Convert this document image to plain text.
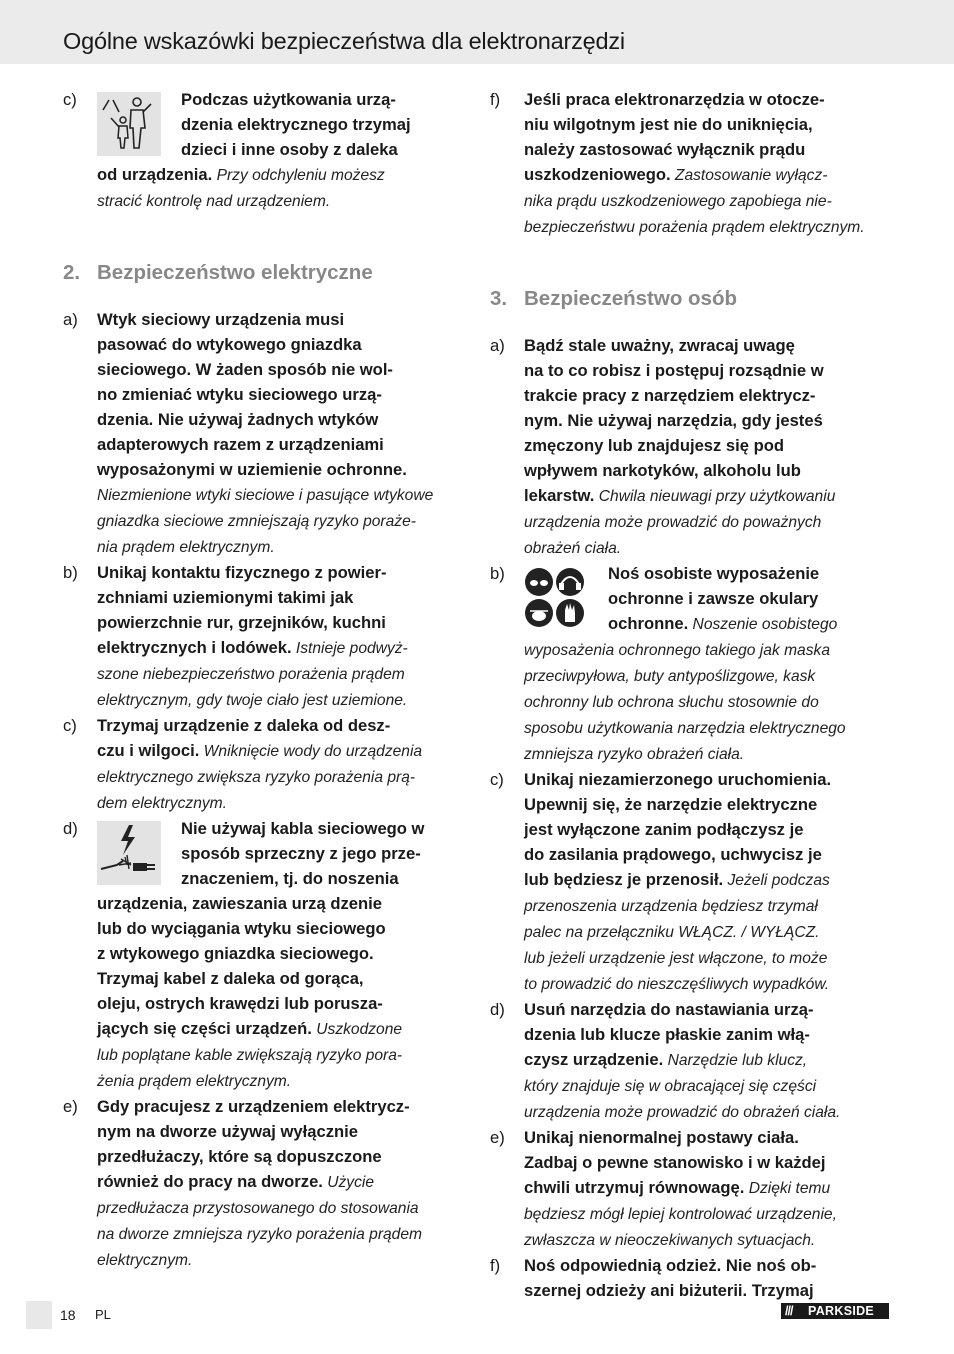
Ogólne wskazówki bezpieczeństwa dla elektronarzędzi
c)	Podczas użytkowania urzą-
dzenia elektrycznego trzymaj
dzieci i inne osoby z daleka
od urządzenia. Przy odchyleniu możesz
stracić kontrolę nad urządzeniem.
2. Bezpieczeństwo elektryczne
a) Wtyk sieciowy urządzenia musi
pasować do wtykowego gniazdka
sieciowego. W żaden sposób nie wol-
no zmieniać wtyku sieciowego urzą-
dzenia. Nie używaj żadnych wtyków
adapterowych razem z urządzeniami
wyposażonymi w uziemienie ochronne.
Niezmienione wtyki sieciowe i pasujące wtykowe
gniazdka sieciowe zmniejszają ryzyko poraże-
nia prądem elektrycznym.
b) Unikaj kontaktu fizycznego z powier-
zchniami uziemionymi takimi jak
powierzchnie rur, grzejników, kuchni
elektrycznych i lodówek. Istnieje podwyż-
szone niebezpieczeństwo porażenia prądem
elektrycznym, gdy twoje ciało jest uziemione.
c) Trzymaj urządzenie z daleka od desz-
czu i wilgoci. Wniknięcie wody do urządzenia
elektrycznego zwiększa ryzyko porażenia prą-
dem elektrycznym.
d)	Nie używaj kabla sieciowego w
sposób sprzeczny z jego prze-
znaczeniem, tj. do noszenia
urządzenia, zawieszania urzą dzenie
lub do wyciągania wtyku sieciowego
z wtykowego gniazdka sieciowego.
Trzymaj kabel z daleka od gorąca,
oleju, ostrych krawędzi lub porusza-
jących się części urządzeń. Uszkodzone
lub poplątane kable zwiększają ryzyko pora-
żenia prądem elektrycznym.
e) Gdy pracujesz z urządzeniem elektrycz-
nym na dworze używaj wyłącznie
przedłużaczy, które są dopuszczone
również do pracy na dworze. Użycie
przedłużacza przystosowanego do stosowania
na dworze zmniejsza ryzyko porażenia prądem
elektrycznym.
f) Jeśli praca elektronarzędzia w otocze-
niu wilgotnym jest nie do uniknięcia,
należy zastosować wyłącznik prądu
uszkodzeniowego. Zastosowanie wyłącz-
nika prądu uszkodzeniowego zapobiega nie-
bezpieczeństwu porażenia prądem elektrycznym.
3. Bezpieczeństwo osób
a) Bądź stale uważny, zwracaj uwagę
na to co robisz i postępuj rozsądnie w
trakcie pracy z narzędziem elektrycz-
nym. Nie używaj narzędzia, gdy jesteś
zmęczony lub znajdujesz się pod
wpływem narkotyków, alkoholu lub
lekarstw. Chwila nieuwagi przy użytkowaniu
urządzenia może prowadzić do poważnych
obrażeń ciała.
b)	Noś osobiste wyposażenie
ochronne i zawsze okulary
ochronne. Noszenie osobistego
wyposażenia ochronnego takiego jak maska
przeciwpyłowa, buty antypoślizgowe, kask
ochronny lub ochrona słuchu stosownie do
sposobu użytkowania narzędzia elektrycznego
zmniejsza ryzyko obrażeń ciała.
c) Unikaj niezamierzonego uruchomienia.
Upewnij się, że narzędzie elektryczne
jest wyłączone zanim podłączysz je
do zasilania prądowego, uchwycisz je
lub będziesz je przenosił. Jeżeli podczas
przenoszenia urządzenia będziesz trzymał
palec na przełączniku WŁĄCZ. / WYŁĄCZ.
lub jeżeli urządzenie jest włączone, to może
to prowadzić do nieszczęśliwych wypadków.
d) Usuń narzędzia do nastawiania urzą-
dzenia lub klucze płaskie zanim włą-
czysz urządzenie. Narzędzie lub klucz,
który znajduje się w obracającej się części
urządzenia może prowadzić do obrażeń ciała.
e) Unikaj nienormalnej postawy ciała.
Zadbaj o pewne stanowisko i w każdej
chwili utrzymuj równowagę. Dzięki temu
będziesz mógł lepiej kontrolować urządzenie,
zwłaszcza w nieoczekiwanych sytuacjach.
f) Noś odpowiednią odzież. Nie noś ob-
szernej odzieży ani biżuterii. Trzymaj
18 PL	/// PARKSIDE
